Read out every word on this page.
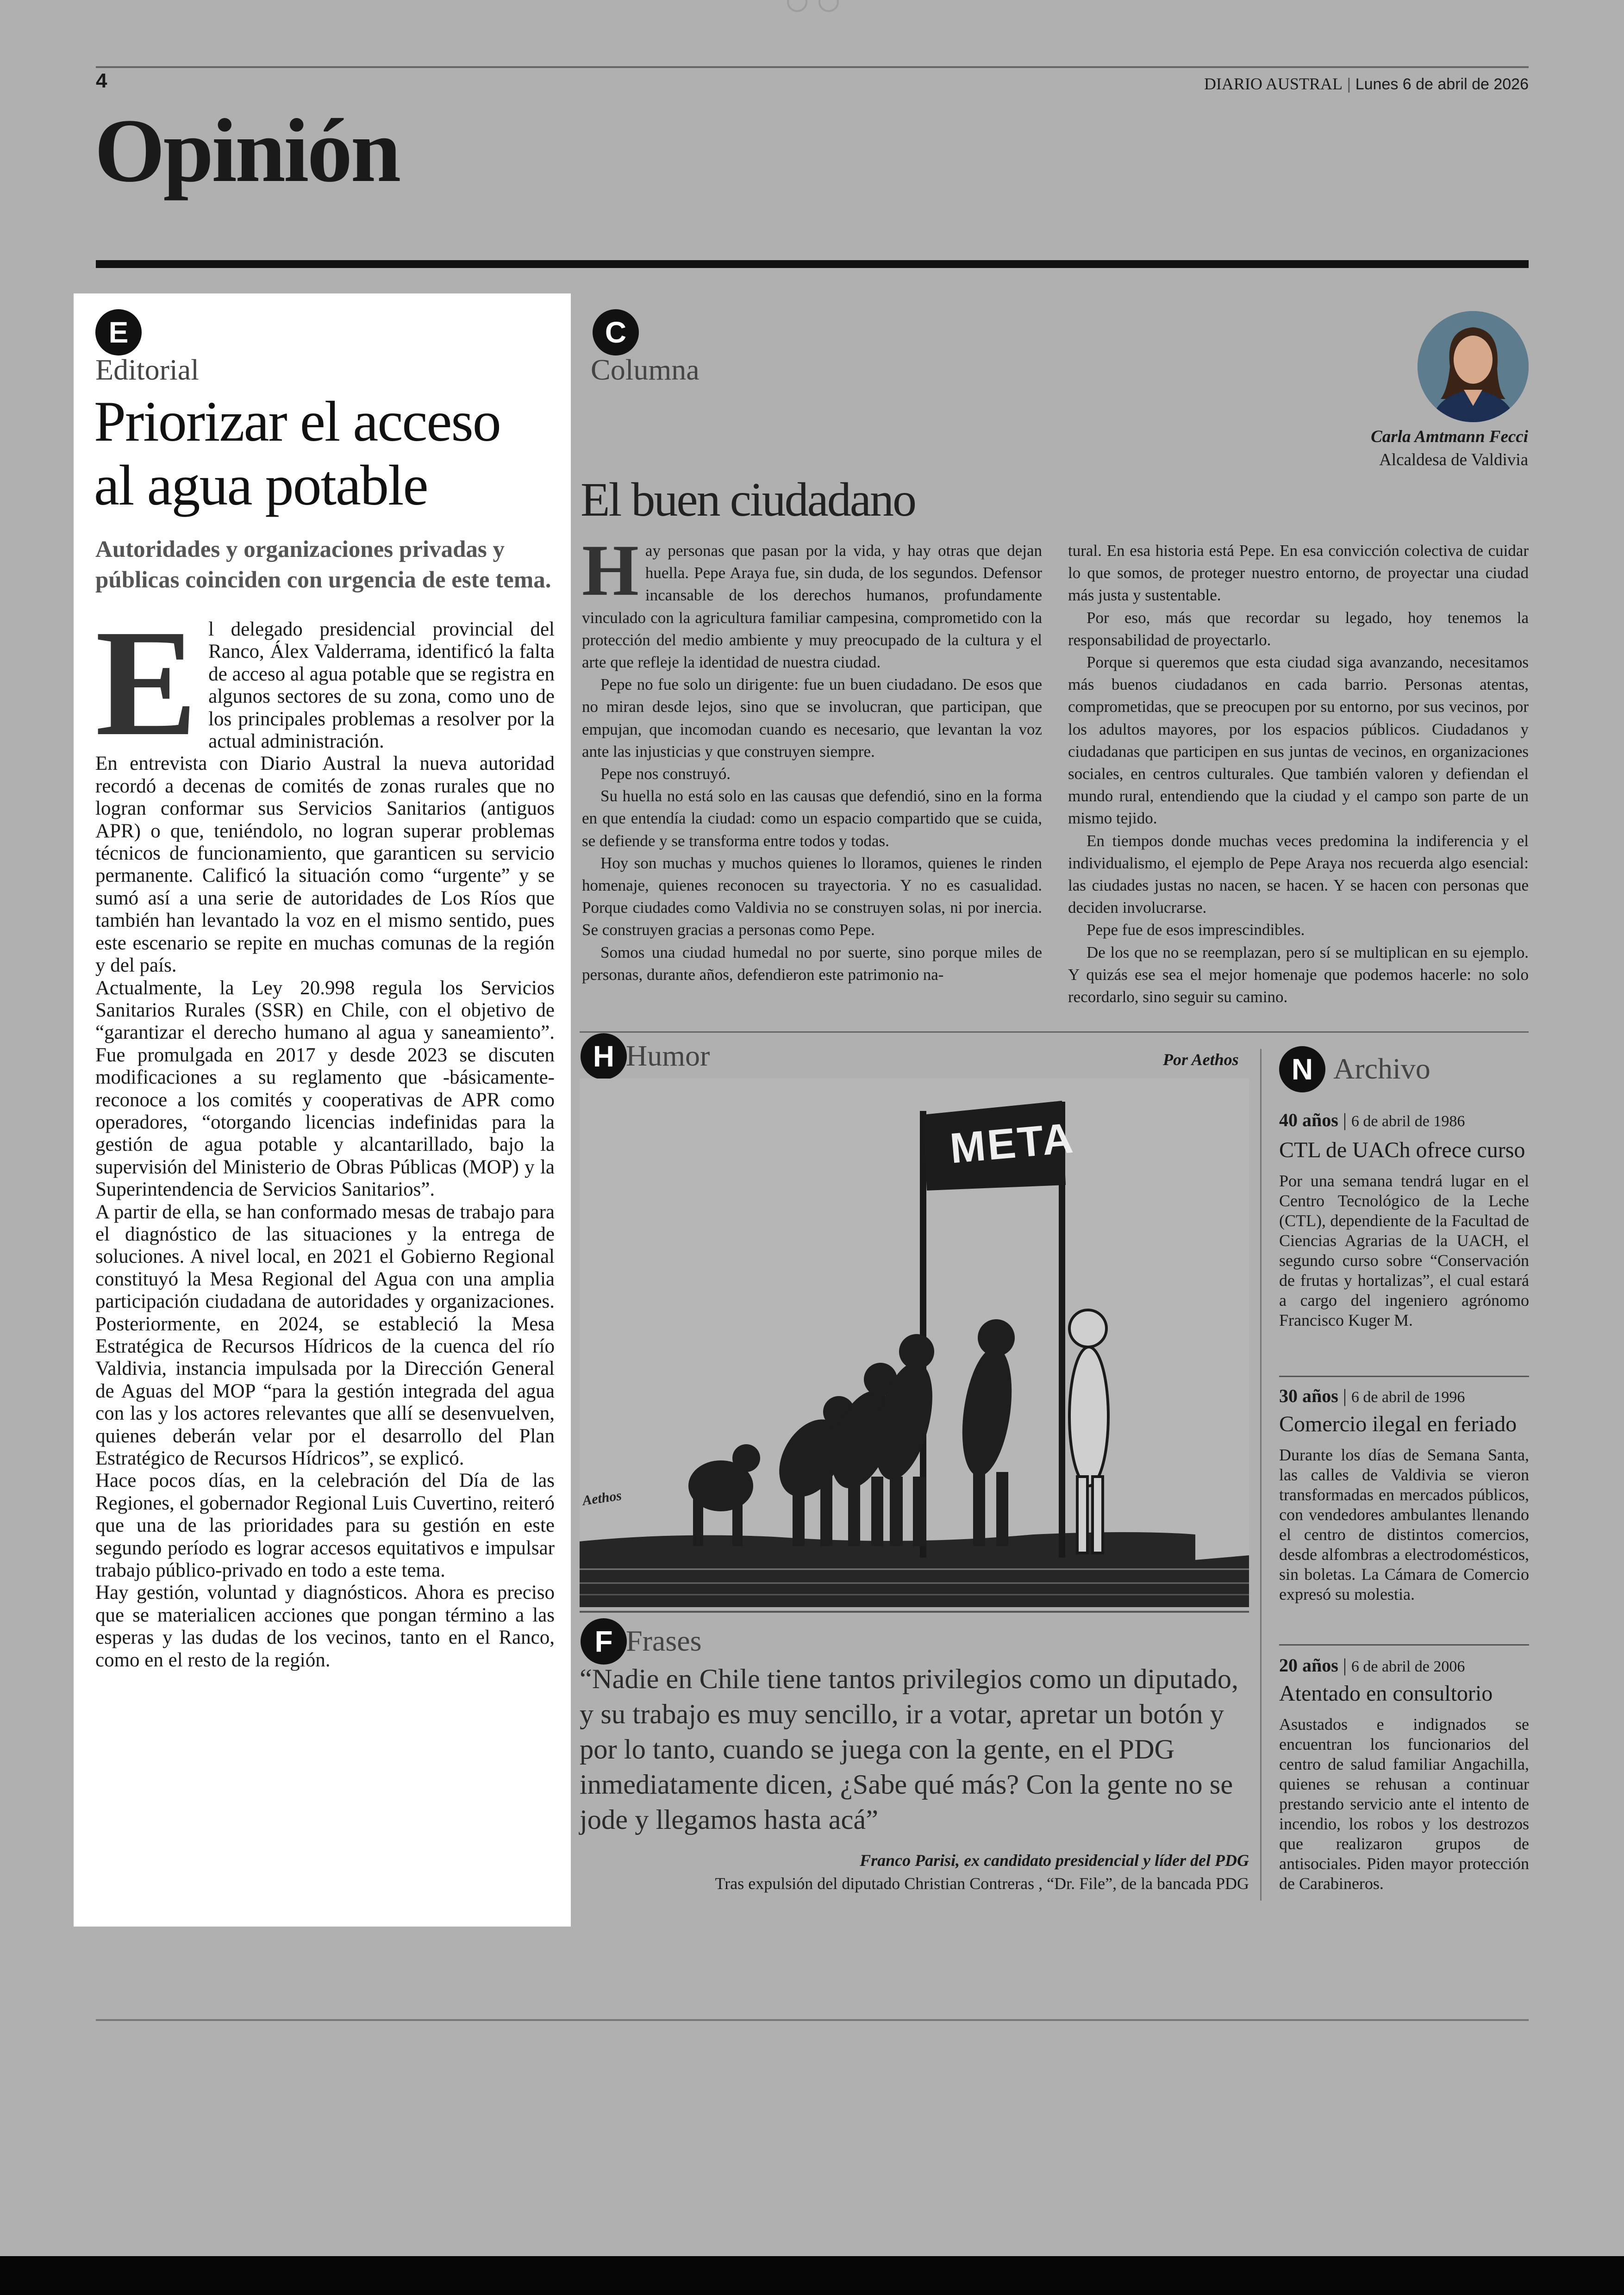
4	DIARIO AUSTRAL | Lunes 6 de abril de 2026
Opinión
E
Editorial
Priorizar el acceso
al agua potable
Autoridades y organizaciones privadas y públicas coinciden con urgencia de este tema.
E l delegado presidencial provincial del Ranco, Álex Valderrama, identificó la falta de acceso al agua potable que se registra en algunos sectores de su zona, como uno de los principales problemas a resolver por la actual administración.

En entrevista con Diario Austral la nueva autoridad recordó a decenas de comités de zonas rurales que no logran conformar sus Servicios Sanitarios (antiguos APR) o que, teniéndolo, no logran superar problemas técnicos de funcionamiento, que garanticen su servicio permanente. Calificó la situación como “urgente” y se sumó así a una serie de autoridades de Los Ríos que también han levantado la voz en el mismo sentido, pues este escenario se repite en muchas comunas de la región y del país.

Actualmente, la Ley 20.998 regula los Servicios Sanitarios Rurales (SSR) en Chile, con el objetivo de “garantizar el derecho humano al agua y saneamiento”. Fue promulgada en 2017 y desde 2023 se discuten modificaciones a su reglamento que -básicamente- reconoce a los comités y cooperativas de APR como operadores, “otorgando licencias indefinidas para la gestión de agua potable y alcantarillado, bajo la supervisión del Ministerio de Obras Públicas (MOP) y la Superintendencia de Servicios Sanitarios”.

A partir de ella, se han conformado mesas de trabajo para el diagnóstico de las situaciones y la entrega de soluciones. A nivel local, en 2021 el Gobierno Regional constituyó la Mesa Regional del Agua con una amplia participación ciudadana de autoridades y organizaciones. Posteriormente, en 2024, se estableció la Mesa Estratégica de Recursos Hídricos de la cuenca del río Valdivia, instancia impulsada por la Dirección General de Aguas del MOP “para la gestión integrada del agua con las y los actores relevantes que allí se desenvuelven, quienes deberán velar por el desarrollo del Plan Estratégico de Recursos Hídricos”, se explicó.

Hace pocos días, en la celebración del Día de las Regiones, el gobernador Regional Luis Cuvertino, reiteró que una de las prioridades para su gestión en este segundo período es lograr accesos equitativos e impulsar trabajo público-privado en todo a este tema.

Hay gestión, voluntad y diagnósticos. Ahora es preciso que se materialicen acciones que pongan término a las esperas y las dudas de los vecinos, tanto en el Ranco, como en el resto de la región.

C
Columna
Carla Amtmann Fecci
Alcaldesa de Valdivia
El buen ciudadano
H ay personas que pasan por la vida, y hay otras que dejan huella. Pepe Araya fue, sin duda, de los segundos. Defensor incansable de los derechos humanos, profundamente vinculado con la agricultura familiar campesina, comprometido con la protección del medio ambiente y muy preocupado de la cultura y el arte que refleje la identidad de nuestra ciudad.

Pepe no fue solo un dirigente: fue un buen ciudadano. De esos que no miran desde lejos, sino que se involucran, que participan, que empujan, que incomodan cuando es necesario, que levantan la voz ante las injusticias y que construyen siempre.

Pepe nos construyó.

Su huella no está solo en las causas que defendió, sino en la forma en que entendía la ciudad: como un espacio compartido que se cuida, se defiende y se transforma entre todos y todas.

Hoy son muchas y muchos quienes lo lloramos, quienes le rinden homenaje, quienes reconocen su trayectoria. Y no es casualidad. Porque ciudades como Valdivia no se construyen solas, ni por inercia. Se construyen gracias a personas como Pepe.

Somos una ciudad humedal no por suerte, sino porque miles de personas, durante años, defendieron este patrimonio na-

tural. En esa historia está Pepe. En esa convicción colectiva de cuidar lo que somos, de proteger nuestro entorno, de proyectar una ciudad más justa y sustentable.

Por eso, más que recordar su legado, hoy tenemos la responsabilidad de proyectarlo.

Porque si queremos que esta ciudad siga avanzando, necesitamos más buenos ciudadanos en cada barrio. Personas atentas, comprometidas, que se preocupen por su entorno, por sus vecinos, por los adultos mayores, por los espacios públicos. Ciudadanos y ciudadanas que participen en sus juntas de vecinos, en organizaciones sociales, en centros culturales. Que también valoren y defiendan el mundo rural, entendiendo que la ciudad y el campo son parte de un mismo tejido.

En tiempos donde muchas veces predomina la indiferencia y el individualismo, el ejemplo de Pepe Araya nos recuerda algo esencial: las ciudades justas no nacen, se hacen. Y se hacen con personas que deciden involucrarse.

Pepe fue de esos imprescindibles.

De los que no se reemplazan, pero sí se multiplican en su ejemplo. Y quizás ese sea el mejor homenaje que podemos hacerle: no solo recordarlo, sino seguir su camino.

H Humor	Por Aethos
META
Aethos
F Frases
“Nadie en Chile tiene tantos privilegios como un diputado, y su trabajo es muy sencillo, ir a votar, apretar un botón y por lo tanto, cuando se juega con la gente, en el PDG inmediatamente dicen, ¿Sabe qué más? Con la gente no se jode y llegamos hasta acá”
Franco Parisi, ex candidato presidencial y líder del PDG
Tras expulsión del diputado Christian Contreras , “Dr. File”, de la bancada PDG
N Archivo
40 años | 6 de abril de 1986
CTL de UACh ofrece curso
Por una semana tendrá lugar en el Centro Tecnológico de la Leche (CTL), dependiente de la Facultad de Ciencias Agrarias de la UACH, el segundo curso sobre “Conservación de frutas y hortalizas”, el cual estará a cargo del ingeniero agrónomo Francisco Kuger M.
30 años | 6 de abril de 1996
Comercio ilegal en feriado
Durante los días de Semana Santa, las calles de Valdivia se vieron transformadas en mercados públicos, con vendedores ambulantes llenando el centro de distintos comercios, desde alfombras a electrodomésticos, sin boletas. La Cámara de Comercio expresó su molestia.
20 años | 6 de abril de 2006
Atentado en consultorio
Asustados e indignados se encuentran los funcionarios del centro de salud familiar Angachilla, quienes se rehusan a continuar prestando servicio ante el intento de incendio, los robos y los destrozos que realizaron grupos de antisociales. Piden mayor protección de Carabineros.
